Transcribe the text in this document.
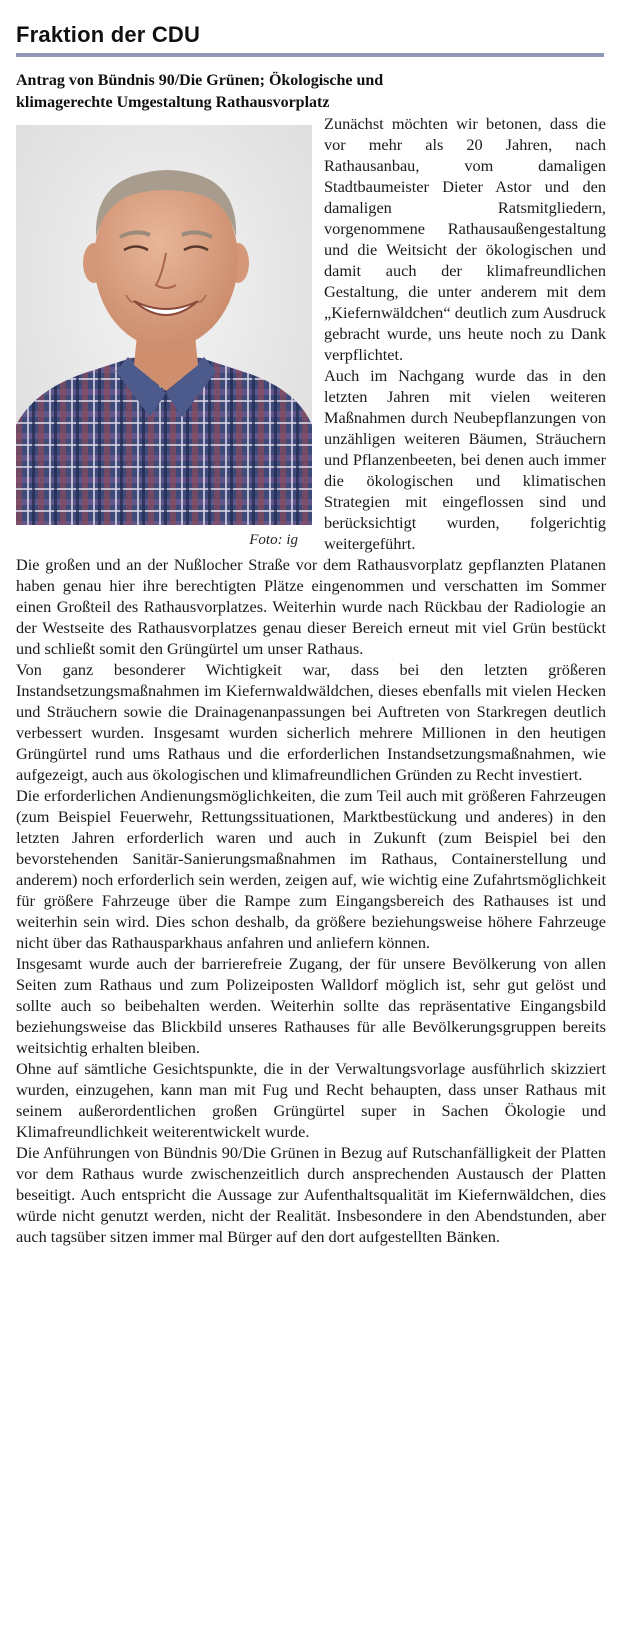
Fraktion der CDU
Antrag von Bündnis 90/Die Grünen; Ökologische und
klimagerechte Umgestaltung Rathausvorplatz
Foto: ig

Zunächst möchten wir betonen, dass die vor mehr als 20 Jahren, nach Rathausanbau, vom damaligen Stadtbaumeister Dieter Astor und den damaligen Ratsmitgliedern, vorgenommene Rathausaußengestaltung und die Weitsicht der ökologischen und damit auch der klimafreundlichen Gestaltung, die unter anderem mit dem „Kiefernwäldchen“ deutlich zum Ausdruck gebracht wurde, uns heute noch zu Dank verpflichtet.

Auch im Nachgang wurde das in den letzten Jahren mit vielen weiteren Maßnahmen durch Neubepflanzungen von unzähligen weiteren Bäumen, Sträuchern und Pflanzenbeeten, bei denen auch immer die ökologischen und klimatischen Strategien mit eingeflossen sind und berücksichtigt wurden, folgerichtig weitergeführt.

Die großen und an der Nußlocher Straße vor dem Rathausvorplatz gepflanzten Platanen haben genau hier ihre berechtigten Plätze eingenommen und verschatten im Sommer einen Großteil des Rathausvorplatzes. Weiterhin wurde nach Rückbau der Radiologie an der Westseite des Rathausvorplatzes genau dieser Bereich erneut mit viel Grün bestückt und schließt somit den Grüngürtel um unser Rathaus.

Von ganz besonderer Wichtigkeit war, dass bei den letzten größeren Instandsetzungsmaßnahmen im Kiefernwaldwäldchen, dieses ebenfalls mit vielen Hecken und Sträuchern sowie die Drainagenanpassungen bei Auftreten von Starkregen deutlich verbessert wurden. Insgesamt wurden sicherlich mehrere Millionen in den heutigen Grüngürtel rund ums Rathaus und die erforderlichen Instandsetzungsmaßnahmen, wie aufgezeigt, auch aus ökologischen und klimafreundlichen Gründen zu Recht investiert.

Die erforderlichen Andienungsmöglichkeiten, die zum Teil auch mit größeren Fahrzeugen (zum Beispiel Feuerwehr, Rettungssituationen, Marktbestückung und anderes) in den letzten Jahren erforderlich waren und auch in Zukunft (zum Beispiel bei den bevorstehenden Sanitär-Sanierungsmaßnahmen im Rathaus, Containerstellung und anderem) noch erforderlich sein werden, zeigen auf, wie wichtig eine Zufahrtsmöglichkeit für größere Fahrzeuge über die Rampe zum Eingangsbereich des Rathauses ist und weiterhin sein wird. Dies schon deshalb, da größere beziehungsweise höhere Fahrzeuge nicht über das Rathausparkhaus anfahren und anliefern können.

Insgesamt wurde auch der barrierefreie Zugang, der für unsere Bevölkerung von allen Seiten zum Rathaus und zum Polizeiposten Walldorf möglich ist, sehr gut gelöst und sollte auch so beibehalten werden. Weiterhin sollte das repräsentative Eingangsbild beziehungsweise das Blickbild unseres Rathauses für alle Bevölkerungsgruppen bereits weitsichtig erhalten bleiben.

Ohne auf sämtliche Gesichtspunkte, die in der Verwaltungsvorlage ausführlich skizziert wurden, einzugehen, kann man mit Fug und Recht behaupten, dass unser Rathaus mit seinem außerordentlichen großen Grüngürtel super in Sachen Ökologie und Klimafreundlichkeit weiterentwickelt wurde.

Die Anführungen von Bündnis 90/Die Grünen in Bezug auf Rutschanfälligkeit der Platten vor dem Rathaus wurde zwischenzeitlich durch ansprechenden Austausch der Platten beseitigt. Auch entspricht die Aussage zur Aufenthaltsqualität im Kiefernwäldchen, dies würde nicht genutzt werden, nicht der Realität. Insbesondere in den Abendstunden, aber auch tagsüber sitzen immer mal Bürger auf den dort aufgestellten Bänken.
